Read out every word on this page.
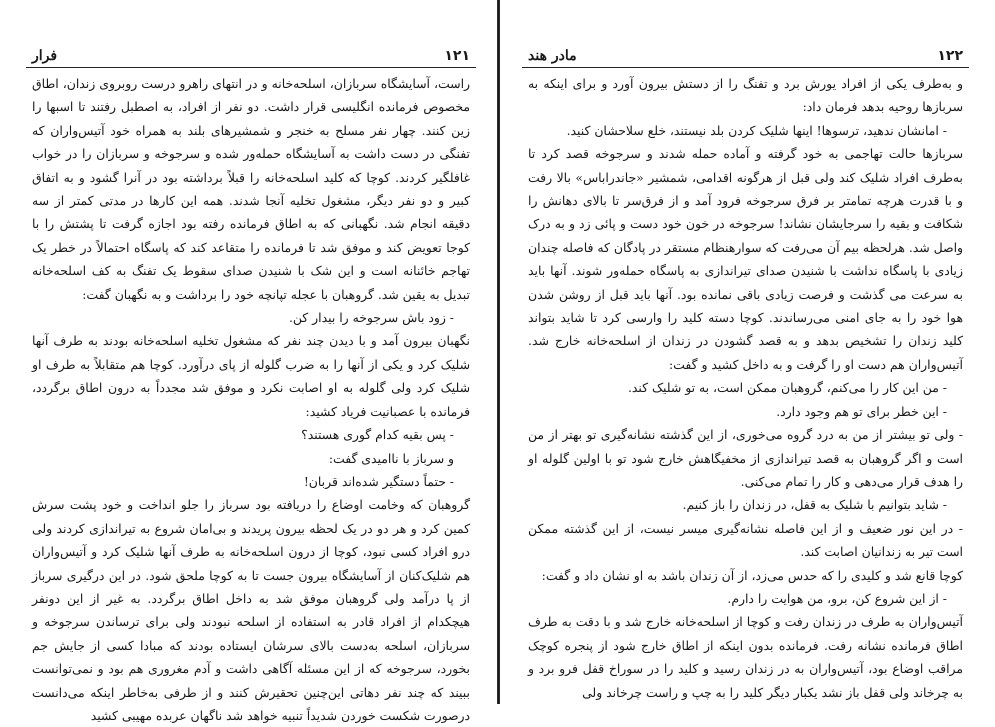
فرار	۱۲۱

راست، آسایشگاه سربازان، اسلحه‌خانه و در انتهای راهرو درست روبروی زندان، اطاق مخصوص فرمانده انگلیسی قرار داشت. دو نفر از افراد، به اصطبل رفتند تا اسبها را زین کنند. چهار نفر مسلح به خنجر و شمشیرهای بلند به همراه خود آتیس‌واران که تفنگی در دست داشت به آسایشگاه حمله‌ور شده و سرجوخه و سربازان را در خواب غافلگیر کردند. کوچا که کلید اسلحه‌خانه را قبلاً برداشته بود در آنرا گشود و به اتفاق کبیر و دو نفر دیگر، مشغول تخلیه آنجا شدند. همه این کارها در مدتی کمتر از سه دقیقه انجام شد. نگهبانی که به اطاق فرمانده رفته بود اجازه گرفت تا پشتش را با کوجا تعویض کند و موفق شد تا فرمانده را متقاعد کند که پاسگاه احتمالاً در خطر یک تهاجم خائنانه است و این شک با شنیدن صدای سقوط یک تفنگ به کف اسلحه‌خانه تبدیل به یقین شد. گروهبان با عجله تپانچه خود را برداشت و به نگهبان گفت:

- زود باش سرجوخه را بیدار کن.

نگهبان بیرون آمد و با دیدن چند نفر که مشغول تخلیه اسلحه‌خانه بودند به طرف آنها شلیک کرد و یکی از آنها را به ضرب گلوله از پای درآورد. کوچا هم متقابلاً به طرف او شلیک کرد ولی گلوله به او اصابت نکرد و موفق شد مجدداً به درون اطاق برگردد، فرمانده با عصبانیت فریاد کشید:

- پس بقیه کدام گوری هستند؟

و سرباز با ناامیدی گفت:

- حتماً دستگیر شده‌اند قربان!

گروهبان که وخامت اوضاع را دریافته بود سرباز را جلو انداخت و خود پشت سرش کمین کرد و هر دو در یک لحظه بیرون پریدند و بی‌امان شروع به تیراندازی کردند ولی درو افراد کسی نبود، کوچا از درون اسلحه‌خانه به طرف آنها شلیک کرد و آتیس‌واران هم شلیک‌کنان از آسایشگاه بیرون جست تا به کوچا ملحق شود. در این درگیری سرباز از پا درآمد ولی گروهبان موفق شد به داخل اطاق برگردد. به غیر از این دونفر هیچکدام از افراد قادر به استفاده از اسلحه نبودند ولی برای ترساندن سرجوخه و سربازان، اسلحه به‌دست بالای سرشان ایستاده بودند که مبادا کسی از جایش جم بخورد، سرجوخه که از این مسئله آگاهی داشت و آدم مغروری هم بود و نمی‌توانست ببیند که چند نفر دهاتی این‌چنین تحقیرش کنند و از طرفی به‌خاطر اینکه می‌دانست درصورت شکست خوردن شدیداً تنبیه خواهد شد ناگهان عربده مهیبی کشید

مادر هند	۱۲۲

و به‌طرف یکی از افراد یورش برد و تفنگ را از دستش بیرون آورد و برای اینکه به سربازها روحیه بدهد فرمان داد:

- امانشان ندهید، ترسوها! اینها شلیک کردن بلد نیستند، خلع سلاحشان کنید.

سربازها حالت تهاجمی به خود گرفته و آماده حمله شدند و سرجوخه قصد کرد تا به‌طرف افراد شلیک کند ولی قبل از هرگونه اقدامی، شمشیر «جاندراباس» بالا رفت و با قدرت هرچه تمامتر بر فرق سرجوخه فرود آمد و از فرق‌سر تا بالای دهانش را شکافت و بقیه را سرجایشان نشاند! سرجوخه در خون خود دست و پائی زد و به درک واصل شد. هرلحظه بیم آن می‌رفت که سوارهنظام مستقر در پادگان که فاصله چندان زیادی با پاسگاه نداشت با شنیدن صدای تیراندازی به پاسگاه حمله‌ور شوند. آنها باید به سرعت می گذشت و فرصت زیادی باقی نمانده بود. آنها باید قبل از روشن شدن هوا خود را به جای امنی می‌رساندند. کوچا دسته کلید را وارسی کرد تا شاید بتواند کلید زندان را تشخیص بدهد و به قصد گشودن در زندان از اسلحه‌خانه خارج شد. آتیس‌واران هم دست او را گرفت و به داخل کشید و گفت:

- من این کار را می‌کنم، گروهبان ممکن است، به تو شلیک کند.

- این خطر برای تو هم وجود دارد.

- ولی تو بیشتر از من به درد گروه می‌خوری، از این گذشته نشانه‌گیری تو بهتر از من است و اگر گروهبان به قصد تیراندازی از مخفیگاهش خارج شود تو با اولین گلوله او را هدف قرار می‌دهی و کار را تمام می‌کنی.

- شاید بتوانیم با شلیک به قفل، در زندان را باز کنیم.

- در این نور ضعیف و از این فاصله نشانه‌گیری میسر نیست، از این گذشته ممکن است تیر به زندانیان اصابت کند.

کوچا قانع شد و کلیدی را که حدس می‌زد، از آن زندان باشد به او نشان داد و گفت:

- از این شروع کن، برو، من هوایت را دارم.

آتیس‌واران به طرف در زندان رفت و کوچا از اسلحه‌خانه خارج شد و با دقت به طرف اطاق فرمانده نشانه رفت. فرمانده بدون اینکه از اطاق خارج شود از پنجره کوچک مراقب اوضاع بود، آتیس‌واران به در زندان رسید و کلید را در سوراخ قفل فرو برد و به چرخاند ولی قفل باز نشد یکبار دیگر کلید را به چپ و راست چرخاند ولی
